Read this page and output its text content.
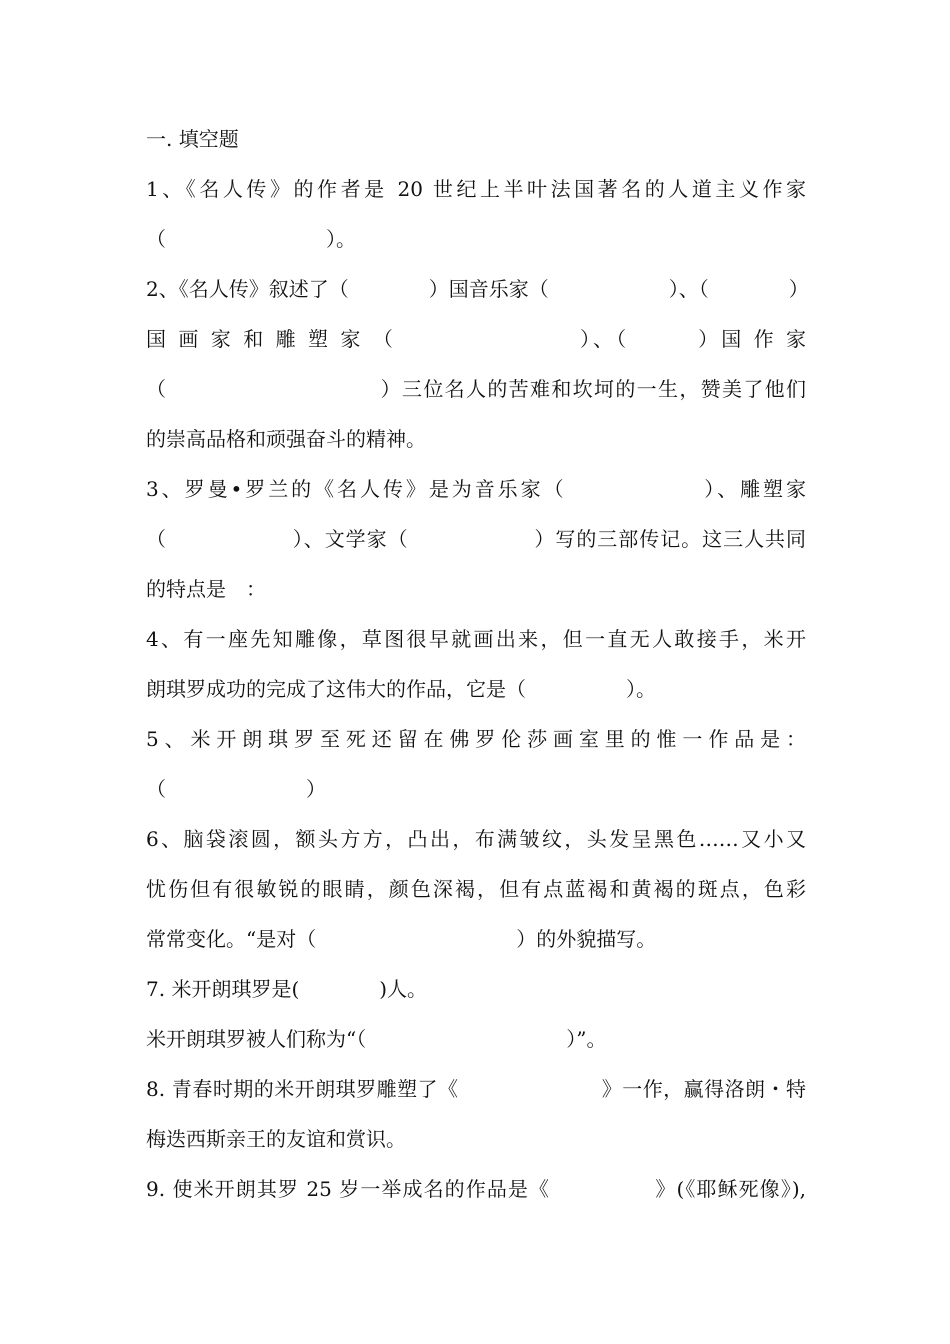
一. 填空题
1、《名人传》的作者是 20 世纪上半叶法国著名的人道主义作家
（　　　　　　　　）。
2、《名人传》叙述了（　　　　）国音乐家（　　　　　　）、（　　　　）
国 画 家 和 雕 塑 家 （　　　　　　　　）、（　　　）国 作 家
（　　　　　　　　　　）三位名人的苦难和坎坷的一生，赞美了他们
的崇高品格和顽强奋斗的精神。
3、罗曼•罗兰的《名人传》是为音乐家（　　　　　　）、雕塑家
（　　　　　　）、文学家（　　　　　　）写的三部传记。这三人共同
的特点是　：
4、有一座先知雕像，草图很早就画出来，但一直无人敢接手，米开
朗琪罗成功的完成了这伟大的作品，它是（　　　　　）。
5、米开朗琪罗至死还留在佛罗伦莎画室里的惟一作品是：
（　　　　　　　）
6、脑袋滚圆，额头方方，凸出，布满皱纹，头发呈黑色……又小又
忧伤但有很敏锐的眼睛，颜色深褐，但有点蓝褐和黄褐的斑点，色彩
常常变化。“是对（　　　　　　　　　　）的外貌描写。
7. 米开朗琪罗是(　　　　)人。
米开朗琪罗被人们称为“（　　　　　　　　　　）”。
8. 青春时期的米开朗琪罗雕塑了《　　　　　　　》一作，赢得洛朗・特
梅迭西斯亲王的友谊和赏识。
9. 使米开朗其罗 25 岁一举成名的作品是《　　　　　》(《耶稣死像》),
